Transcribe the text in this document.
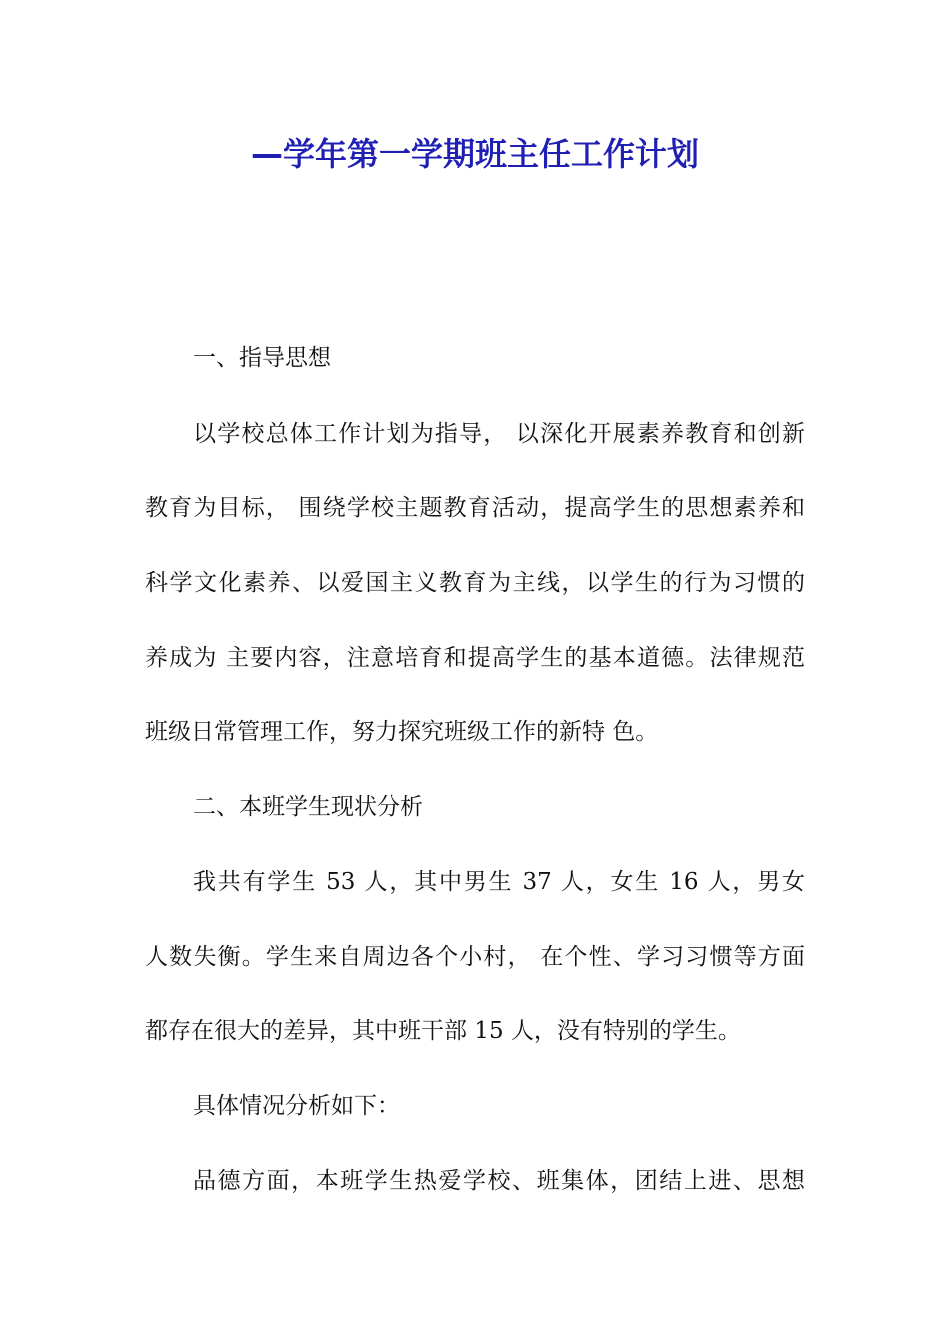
—学年第一学期班主任工作计划
一、指导思想
以学校总体工作计划为指导， 以深化开展素养教育和创新
教育为目标， 围绕学校主题教育活动，提高学生的思想素养和
科学文化素养、以爱国主义教育为主线，以学生的行为习惯的
养成为 主要内容，注意培育和提高学生的基本道德。法律规范
班级日常管理工作，努力探究班级工作的新特 色。
二、本班学生现状分析
我共有学生 53 人，其中男生 37 人，女生 16 人，男女
人数失衡。学生来自周边各个小村， 在个性、学习习惯等方面
都存在很大的差异，其中班干部 15 人，没有特别的学生。
具体情况分析如下：
品德方面，本班学生热爱学校、班集体，团结上进、思想
